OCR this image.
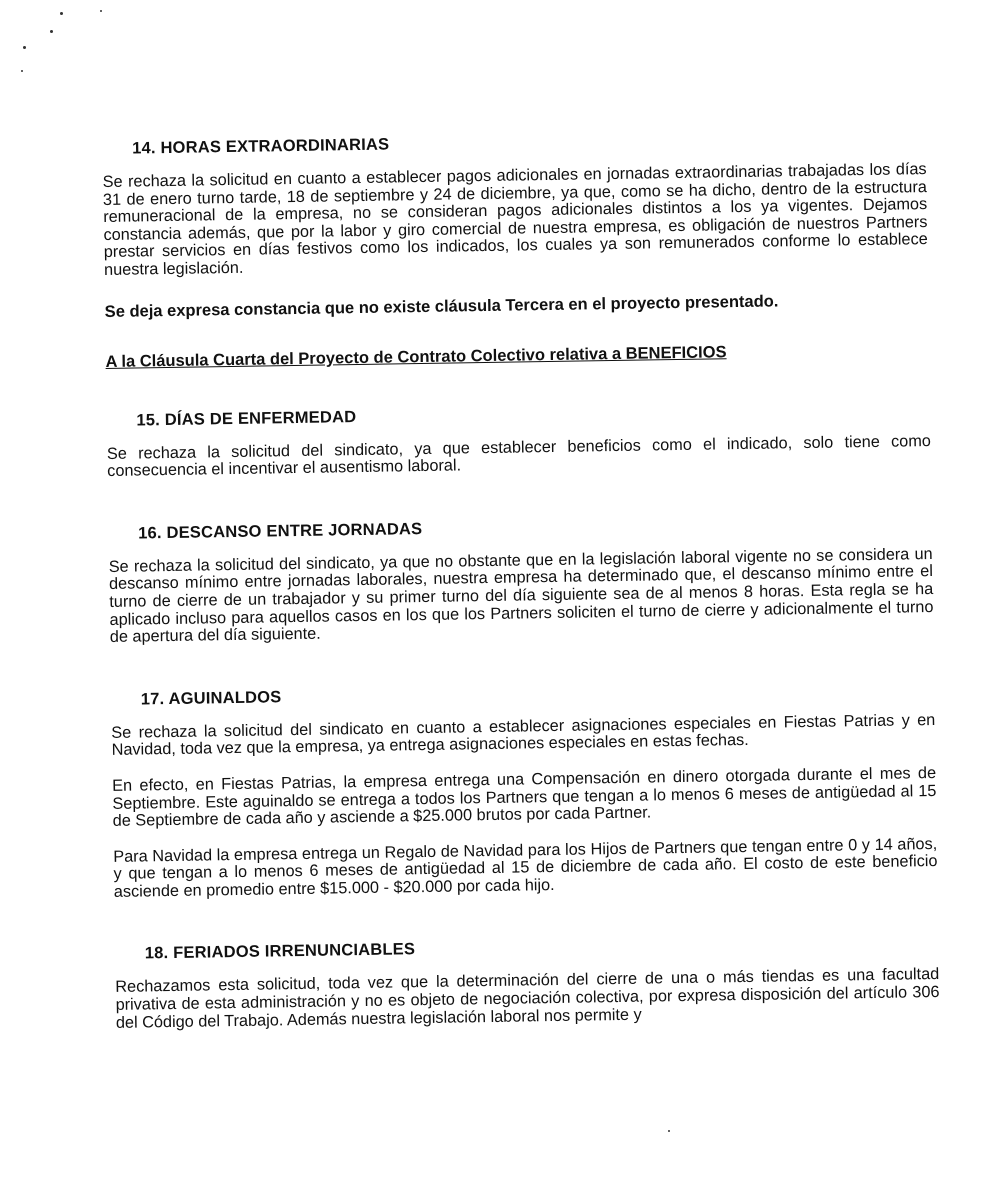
14. HORAS EXTRAORDINARIAS

Se rechaza la solicitud en cuanto a establecer pagos adicionales en jornadas extraordinarias trabajadas los días 31 de enero turno tarde, 18 de septiembre y 24 de diciembre, ya que, como se ha dicho, dentro de la estructura remuneracional de la empresa, no se consideran pagos adicionales distintos a los ya vigentes. Dejamos constancia además, que por la labor y giro comercial de nuestra empresa, es obligación de nuestros Partners prestar servicios en días festivos como los indicados, los cuales ya son remunerados conforme lo establece nuestra legislación.

Se deja expresa constancia que no existe cláusula Tercera en el proyecto presentado.

A la Cláusula Cuarta del Proyecto de Contrato Colectivo relativa a BENEFICIOS

15. DÍAS DE ENFERMEDAD

Se rechaza la solicitud del sindicato, ya que establecer beneficios como el indicado, solo tiene como consecuencia el incentivar el ausentismo laboral.

16. DESCANSO ENTRE JORNADAS

Se rechaza la solicitud del sindicato, ya que no obstante que en la legislación laboral vigente no se considera un descanso mínimo entre jornadas laborales, nuestra empresa ha determinado que, el descanso mínimo entre el turno de cierre de un trabajador y su primer turno del día siguiente sea de al menos 8 horas. Esta regla se ha aplicado incluso para aquellos casos en los que los Partners soliciten el turno de cierre y adicionalmente el turno de apertura del día siguiente.

17. AGUINALDOS

Se rechaza la solicitud del sindicato en cuanto a establecer asignaciones especiales en Fiestas Patrias y en Navidad, toda vez que la empresa, ya entrega asignaciones especiales en estas fechas.

En efecto, en Fiestas Patrias, la empresa entrega una Compensación en dinero otorgada durante el mes de Septiembre. Este aguinaldo se entrega a todos los Partners que tengan a lo menos 6 meses de antigüedad al 15 de Septiembre de cada año y asciende a $25.000 brutos por cada Partner.

Para Navidad la empresa entrega un Regalo de Navidad para los Hijos de Partners que tengan entre 0 y 14 años, y que tengan a lo menos 6 meses de antigüedad al 15 de diciembre de cada año. El costo de este beneficio asciende en promedio entre $15.000 - $20.000 por cada hijo.

18. FERIADOS IRRENUNCIABLES

Rechazamos esta solicitud, toda vez que la determinación del cierre de una o más tiendas es una facultad privativa de esta administración y no es objeto de negociación colectiva, por expresa disposición del artículo 306 del Código del Trabajo. Además nuestra legislación laboral nos permite y
